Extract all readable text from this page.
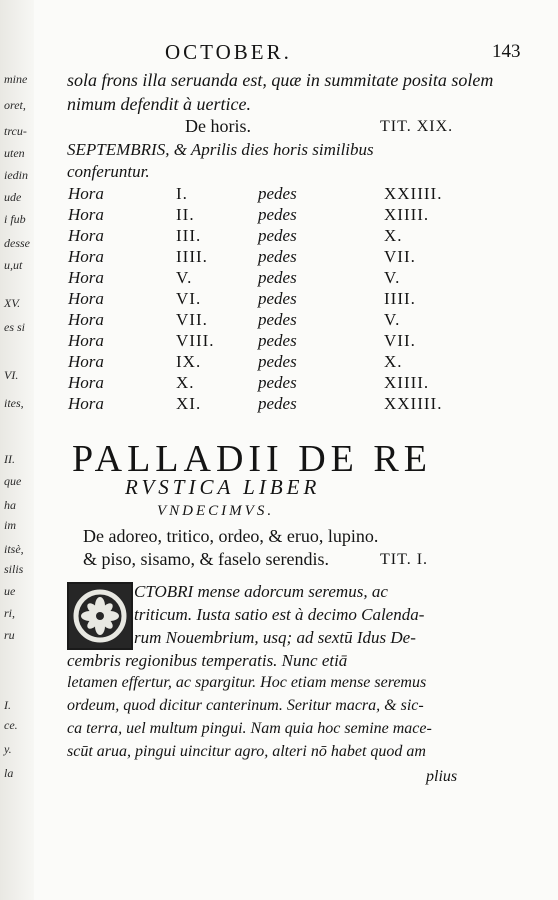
mine
oret,
trcu-
uten
iedin
ude
i fub
desse
u,ut
XV.
es si
VI.
ites,
II.
que
ha
im
itsè,
silis
ue
ri,
ru
I.
ce.
y.
la
OCTOBER.	143
sola frons illa seruanda est, quæ in summitate posita solem
nimum defendit à uertice.
De horis.	TIT. XIX.
SEPTEMBRIS, & Aprilis dies horis similibus
conferuntur.
Hora	I.	pedes	XXIIII.
Hora	II.	pedes	XIIII.
Hora	III.	pedes	X.
Hora	IIII.	pedes	VII.
Hora	V.	pedes	V.
Hora	VI.	pedes	IIII.
Hora	VII.	pedes	V.
Hora	VIII.	pedes	VII.
Hora	IX.	pedes	X.
Hora	X.	pedes	XIIII.
Hora	XI.	pedes	XXIIII.
PALLADII DE RE
RVSTICA LIBER
VNDECIMVS.
De adoreo, tritico, ordeo, & eruo, lupino.
& piso, sisamo, & faselo serendis.	TIT. I.
CTOBRI mense adorcum seremus, ac
triticum. Iusta satio est à decimo Calenda-
rum Nouembrium, usq; ad sextū Idus De-
cembris regionibus temperatis. Nunc etiā
letamen effertur, ac spargitur. Hoc etiam mense seremus
ordeum, quod dicitur canterinum. Seritur macra, & sic-
ca terra, uel multum pingui. Nam quia hoc semine mace-
scūt arua, pingui uincitur agro, alteri nō habet quod am
plius
